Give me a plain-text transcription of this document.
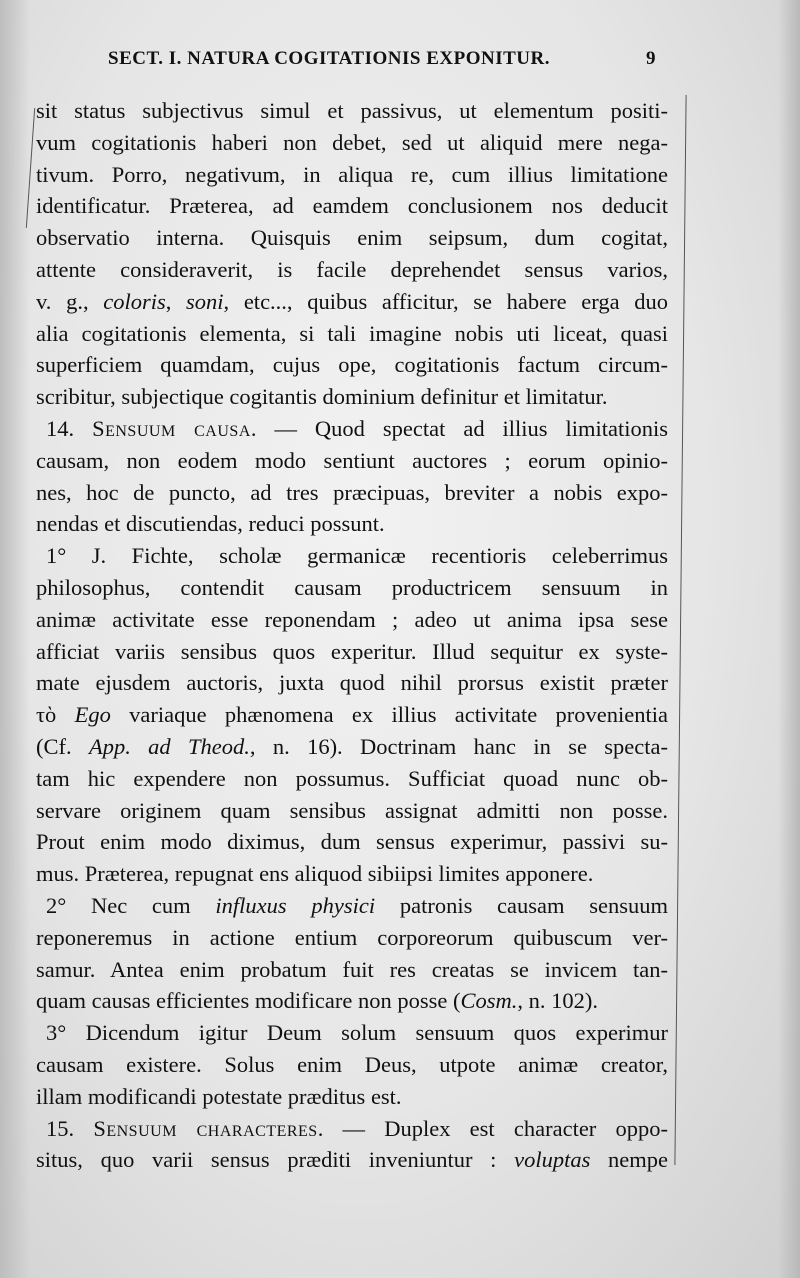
SECT. I. NATURA COGITATIONIS EXPONITUR.	9
sit status subjectivus simul et passivus, ut elementum positi-
vum cogitationis haberi non debet, sed ut aliquid mere nega-
tivum. Porro, negativum, in aliqua re, cum illius limitatione
identificatur. Præterea, ad eamdem conclusionem nos deducit
observatio interna. Quisquis enim seipsum, dum cogitat,
attente consideraverit, is facile deprehendet sensus varios,
v. g., coloris, soni, etc..., quibus afficitur, se habere erga duo
alia cogitationis elementa, si tali imagine nobis uti liceat, quasi
superficiem quamdam, cujus ope, cogitationis factum circum-
scribitur, subjectique cogitantis dominium definitur et limitatur.
14. Sensuum causa. — Quod spectat ad illius limitationis
causam, non eodem modo sentiunt auctores ; eorum opinio-
nes, hoc de puncto, ad tres præcipuas, breviter a nobis expo-
nendas et discutiendas, reduci possunt.
1° J. Fichte, scholæ germanicæ recentioris celeberrimus
philosophus, contendit causam productricem sensuum in
animæ activitate esse reponendam ; adeo ut anima ipsa sese
afficiat variis sensibus quos experitur. Illud sequitur ex syste-
mate ejusdem auctoris, juxta quod nihil prorsus existit præter
τὸ Ego variaque phænomena ex illius activitate provenientia
(Cf. App. ad Theod., n. 16). Doctrinam hanc in se specta-
tam hic expendere non possumus. Sufficiat quoad nunc ob-
servare originem quam sensibus assignat admitti non posse.
Prout enim modo diximus, dum sensus experimur, passivi su-
mus. Præterea, repugnat ens aliquod sibiipsi limites apponere.
2° Nec cum influxus physici patronis causam sensuum
reponeremus in actione entium corporeorum quibuscum ver-
samur. Antea enim probatum fuit res creatas se invicem tan-
quam causas efficientes modificare non posse (Cosm., n. 102).
3° Dicendum igitur Deum solum sensuum quos experimur
causam existere. Solus enim Deus, utpote animæ creator,
illam modificandi potestate præditus est.
15. Sensuum characteres. — Duplex est character oppo-
situs, quo varii sensus præditi inveniuntur : voluptas nempe
